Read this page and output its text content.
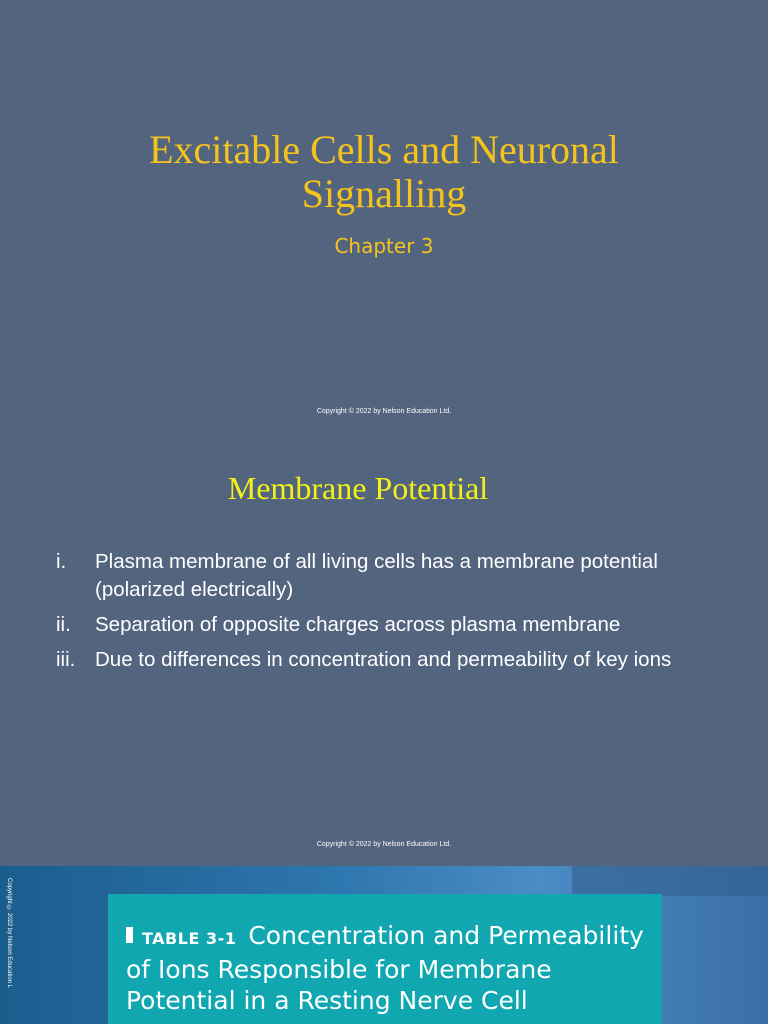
Excitable Cells and Neuronal
Signalling
Chapter 3
Copyright © 2022 by Nelson Education Ltd.
Membrane Potential
i. Plasma membrane of all living cells has a membrane potential (polarized electrically)
ii. Separation of opposite charges across plasma membrane
iii. Due to differences in concentration and permeability of key ions
Copyright © 2022 by Nelson Education Ltd.
Copyright © 2022 by Nelson Education L	TABLE 3-1 Concentration and Permeability of Ions Responsible for Membrane Potential in a Resting Nerve Cell
